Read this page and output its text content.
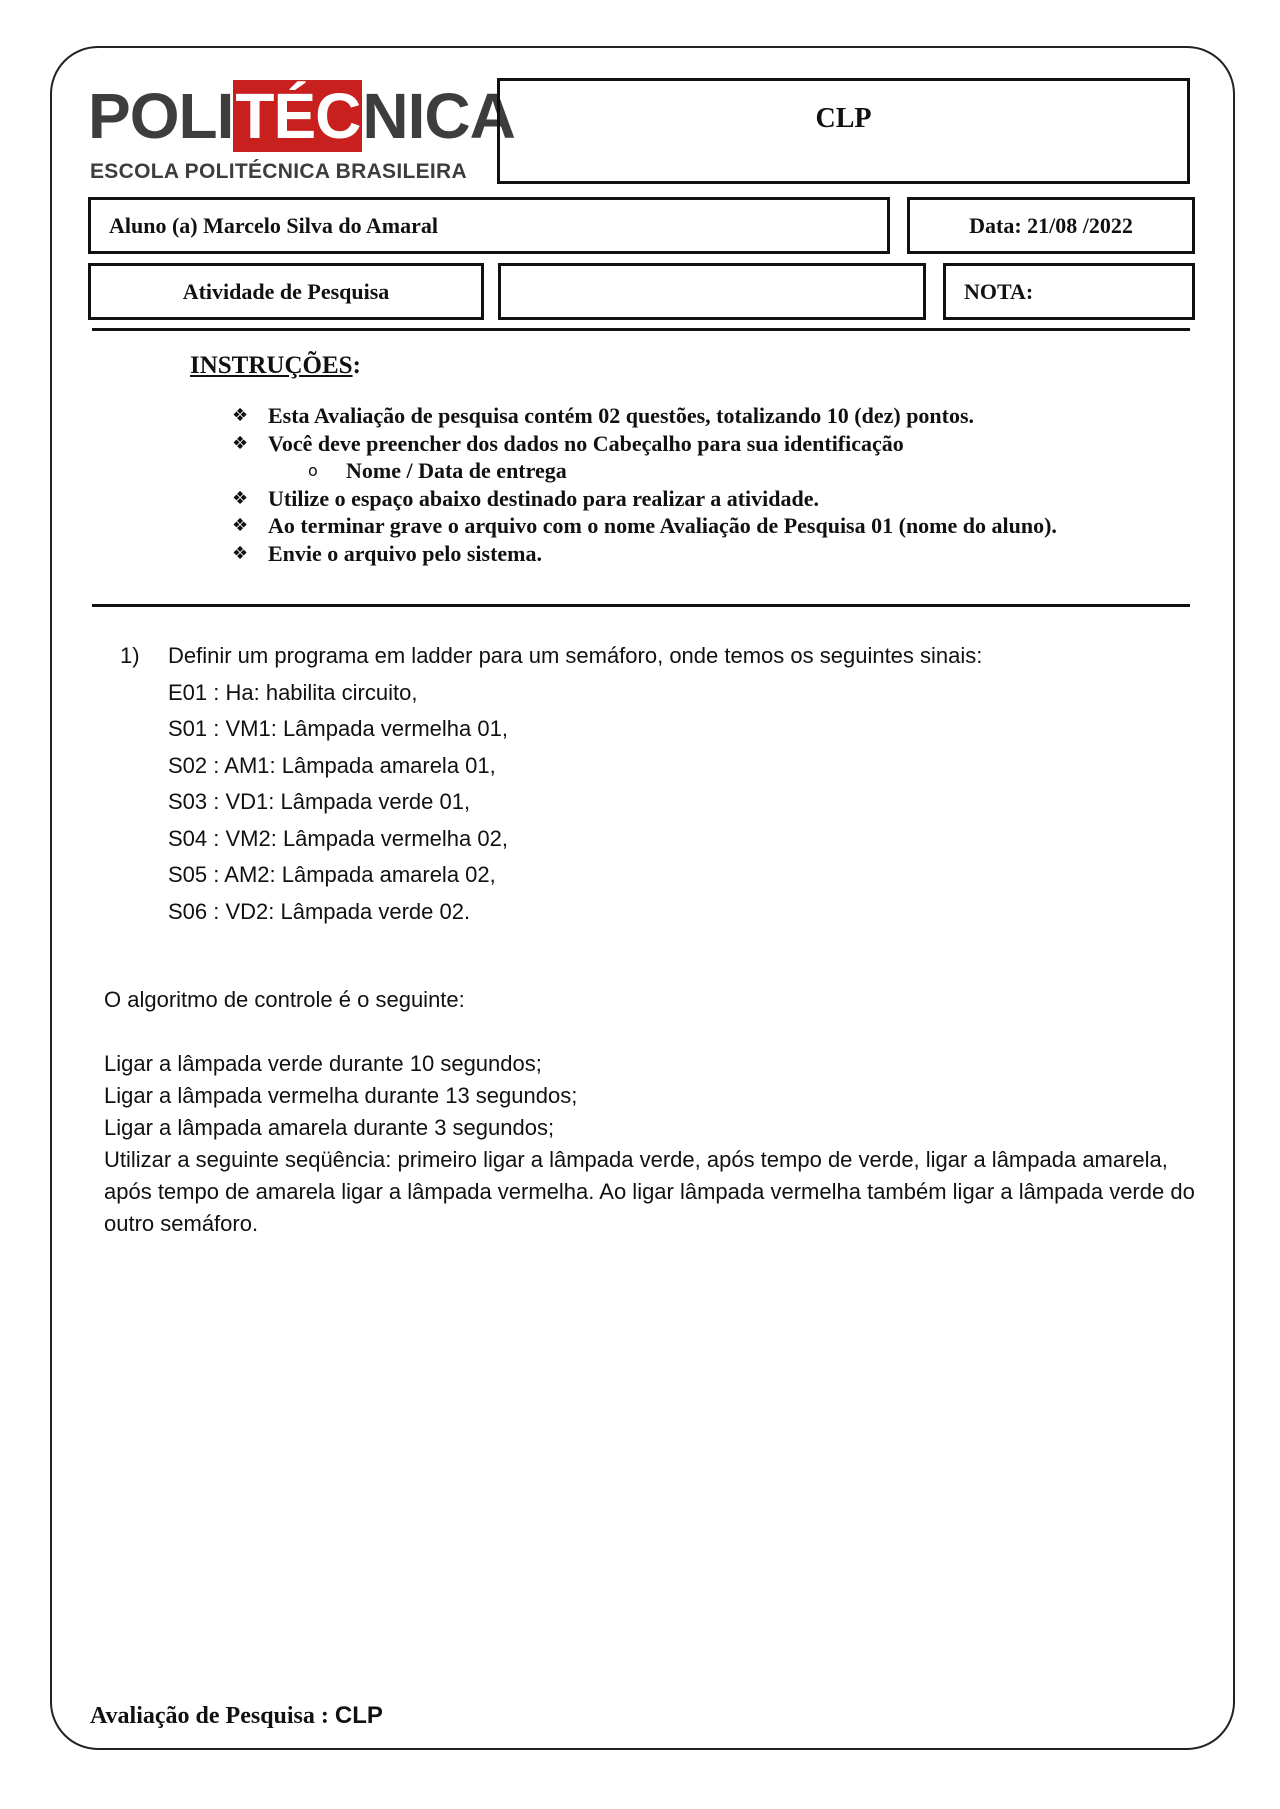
POLITÉCNICA
ESCOLA POLITÉCNICA BRASILEIRA
CLP
Aluno (a) Marcelo Silva do Amaral	Data: 21/08 /2022
Atividade de Pesquisa	NOTA:
INSTRUÇÕES:
❖ Esta Avaliação de pesquisa contém 02 questões, totalizando 10 (dez) pontos.
❖ Você deve preencher dos dados no Cabeçalho para sua identificação
o Nome / Data de entrega
❖ Utilize o espaço abaixo destinado para realizar a atividade.
❖ Ao terminar grave o arquivo com o nome Avaliação de Pesquisa 01 (nome do aluno).
❖ Envie o arquivo pelo sistema.
1) Definir um programa em ladder para um semáforo, onde temos os seguintes sinais:
E01 : Ha: habilita circuito,
S01 : VM1: Lâmpada vermelha 01,
S02 : AM1: Lâmpada amarela 01,
S03 : VD1: Lâmpada verde 01,
S04 : VM2: Lâmpada vermelha 02,
S05 : AM2: Lâmpada amarela 02,
S06 : VD2: Lâmpada verde 02.
O algoritmo de controle é o seguinte:
Ligar a lâmpada verde durante 10 segundos;
Ligar a lâmpada vermelha durante 13 segundos;
Ligar a lâmpada amarela durante 3 segundos;
Utilizar a seguinte seqüência: primeiro ligar a lâmpada verde, após tempo de verde, ligar a lâmpada amarela, após tempo de amarela ligar a lâmpada vermelha. Ao ligar lâmpada vermelha também ligar a lâmpada verde do outro semáforo.
Avaliação de Pesquisa : CLP
